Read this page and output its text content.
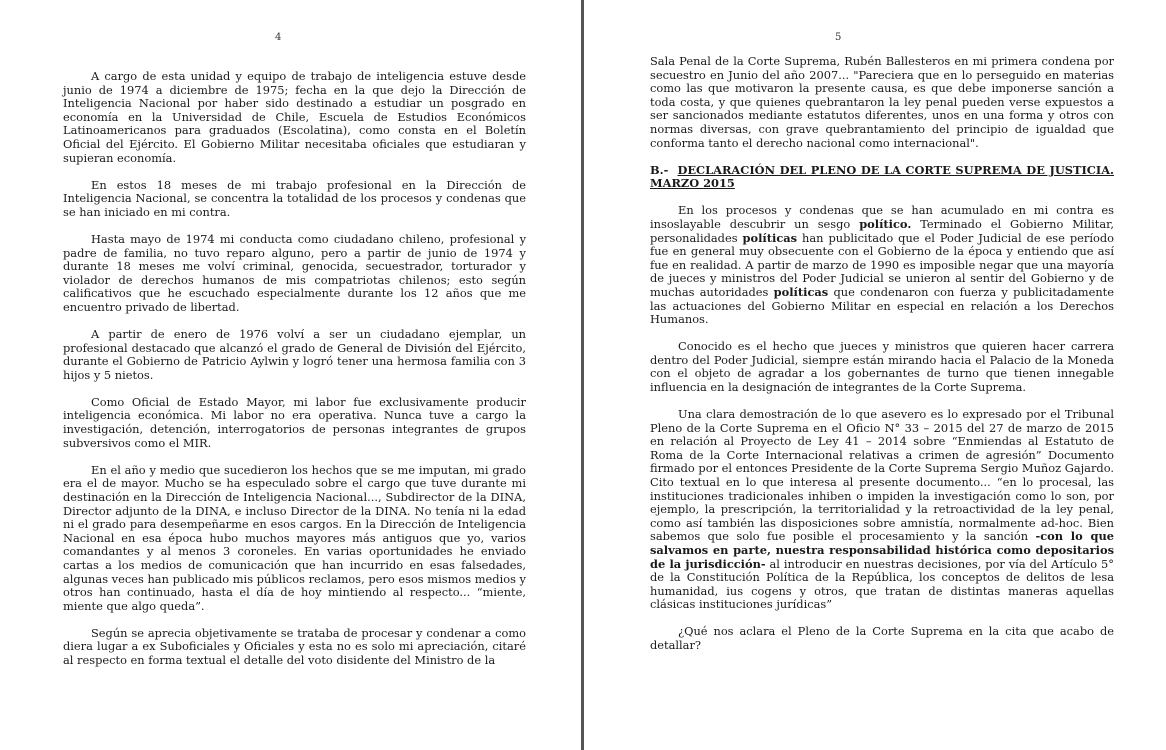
4

A cargo de esta unidad y equipo de trabajo de inteligencia estuve desde junio de 1974 a diciembre de 1975; fecha en la que dejo la Dirección de Inteligencia Nacional por haber sido destinado a estudiar un posgrado en economía en la Universidad de Chile, Escuela de Estudios Económicos Latinoamericanos para graduados (Escolatina), como consta en el Boletín Oficial del Ejército. El Gobierno Militar necesitaba oficiales que estudiaran y supieran economía.

En estos 18 meses de mi trabajo profesional en la Dirección de Inteligencia Nacional, se concentra la totalidad de los procesos y condenas que se han iniciado en mi contra.

Hasta mayo de 1974 mi conducta como ciudadano chileno, profesional y padre de familia, no tuvo reparo alguno, pero a partir de junio de 1974 y durante 18 meses me volví criminal, genocida, secuestrador, torturador y violador de derechos humanos de mis compatriotas chilenos; esto según calificativos que he escuchado especialmente durante los 12 años que me encuentro privado de libertad.

A partir de enero de 1976 volví a ser un ciudadano ejemplar, un profesional destacado que alcanzó el grado de General de División del Ejército, durante el Gobierno de Patricio Aylwin y logró tener una hermosa familia con 3 hijos y 5 nietos.

Como Oficial de Estado Mayor, mi labor fue exclusivamente producir inteligencia económica. Mi labor no era operativa. Nunca tuve a cargo la investigación, detención, interrogatorios de personas integrantes de grupos subversivos como el MIR.

En el año y medio que sucedieron los hechos que se me imputan, mi grado era el de mayor. Mucho se ha especulado sobre el cargo que tuve durante mi destinación en la Dirección de Inteligencia Nacional..., Subdirector de la DINA, Director adjunto de la DINA, e incluso Director de la DINA. No tenía ni la edad ni el grado para desempeñarme en esos cargos. En la Dirección de Inteligencia Nacional en esa época hubo muchos mayores más antiguos que yo, varios comandantes y al menos 3 coroneles. En varias oportunidades he enviado cartas a los medios de comunicación que han incurrido en esas falsedades, algunas veces han publicado mis públicos reclamos, pero esos mismos medios y otros han continuado, hasta el día de hoy mintiendo al respecto... “miente, miente que algo queda”.

Según se aprecia objetivamente se trataba de procesar y condenar a como diera lugar a ex Suboficiales y Oficiales y esta no es solo mi apreciación, citaré al respecto en forma textual el detalle del voto disidente del Ministro de la

5

Sala Penal de la Corte Suprema, Rubén Ballesteros en mi primera condena por secuestro en Junio del año 2007... "Pareciera que en lo perseguido en materias como las que motivaron la presente causa, es que debe imponerse sanción a toda costa, y que quienes quebrantaron la ley penal pueden verse expuestos a ser sancionados mediante estatutos diferentes, unos en una forma y otros con normas diversas, con grave quebrantamiento del principio de igualdad que conforma tanto el derecho nacional como internacional".

B.- DECLARACIÓN DEL PLENO DE LA CORTE SUPREMA DE JUSTICIA. MARZO 2015

En los procesos y condenas que se han acumulado en mi contra es insoslayable descubrir un sesgo político. Terminado el Gobierno Militar, personalidades políticas han publicitado que el Poder Judicial de ese período fue en general muy obsecuente con el Gobierno de la época y entiendo que así fue en realidad. A partir de marzo de 1990 es imposible negar que una mayoría de jueces y ministros del Poder Judicial se unieron al sentir del Gobierno y de muchas autoridades políticas que condenaron con fuerza y publicitadamente las actuaciones del Gobierno Militar en especial en relación a los Derechos Humanos.

Conocido es el hecho que jueces y ministros que quieren hacer carrera dentro del Poder Judicial, siempre están mirando hacia el Palacio de la Moneda con el objeto de agradar a los gobernantes de turno que tienen innegable influencia en la designación de integrantes de la Corte Suprema.

Una clara demostración de lo que asevero es lo expresado por el Tribunal Pleno de la Corte Suprema en el Oficio N° 33 – 2015 del 27 de marzo de 2015 en relación al Proyecto de Ley 41 – 2014 sobre “Enmiendas al Estatuto de Roma de la Corte Internacional relativas a crimen de agresión” Documento firmado por el entonces Presidente de la Corte Suprema Sergio Muñoz Gajardo. Cito textual en lo que interesa al presente documento... “en lo procesal, las instituciones tradicionales inhiben o impiden la investigación como lo son, por ejemplo, la prescripción, la territorialidad y la retroactividad de la ley penal, como así también las disposiciones sobre amnistía, normalmente ad-hoc. Bien sabemos que solo fue posible el procesamiento y la sanción -con lo que salvamos en parte, nuestra responsabilidad histórica como depositarios de la jurisdicción- al introducir en nuestras decisiones, por vía del Artículo 5° de la Constitución Política de la República, los conceptos de delitos de lesa humanidad, ius cogens y otros, que tratan de distintas maneras aquellas clásicas instituciones jurídicas”

¿Qué nos aclara el Pleno de la Corte Suprema en la cita que acabo de detallar?
